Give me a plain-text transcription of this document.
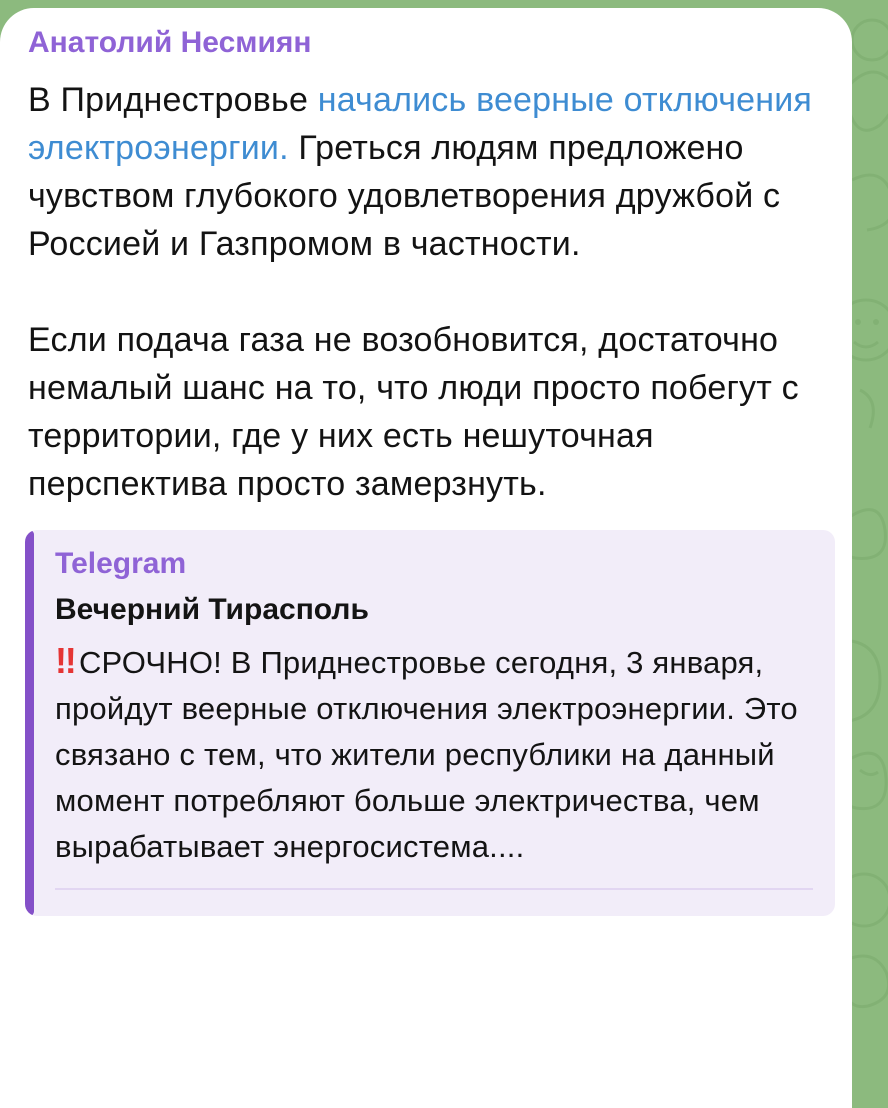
Анатолий Несмиян

В Приднестровье начались веерные отключения электроэнергии. Греться людям предложено чувством глубокого удовлетворения дружбой с Россией и Газпромом в частности.

Если подача газа не возобновится, достаточно немалый шанс на то, что люди просто побегут с территории, где у них есть нешуточная перспектива просто замерзнуть.

Telegram

Вечерний Тирасполь

‼СРОЧНО! В Приднестровье сегодня, 3 января, пройдут веерные отключения электроэнергии. Это связано с тем, что жители республики на данный момент потребляют больше электричества, чем вырабатывает энергосистема....
